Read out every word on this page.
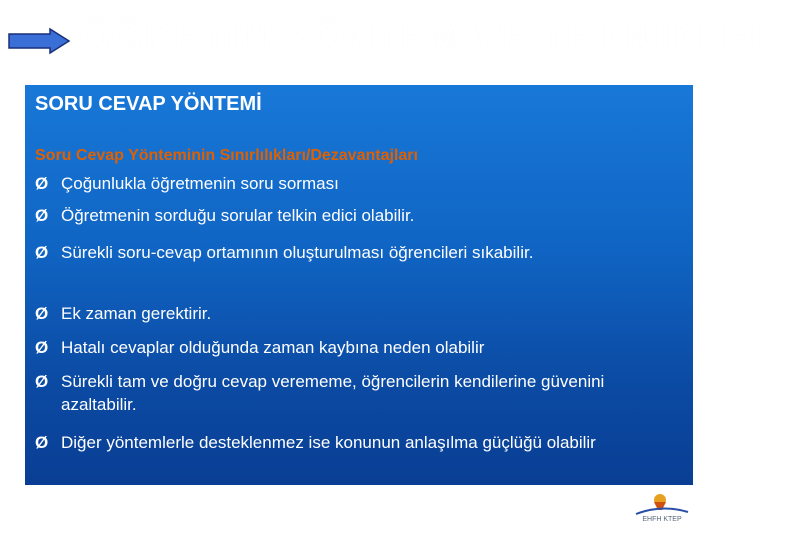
ÖĞRETİM YÖNTEM VE TEKNİKLERİ
SORU CEVAP YÖNTEMİ
Soru Cevap Yönteminin Sınırlılıkları/Dezavantajları
Ø Çoğunlukla öğretmenin soru sorması
Ø Öğretmenin sorduğu sorular telkin edici olabilir.
Ø Sürekli soru-cevap ortamının oluşturulması öğrencileri sıkabilir.
Ø Ek zaman gerektirir.
Ø Hatalı cevaplar olduğunda zaman kaybına neden olabilir
Ø Sürekli tam ve doğru cevap verememe, öğrencilerin kendilerine güvenini azaltabilir.
Ø Diğer yöntemlerle desteklenmez ise konunun anlaşılma güçlüğü olabilir
EHFH KTEP
